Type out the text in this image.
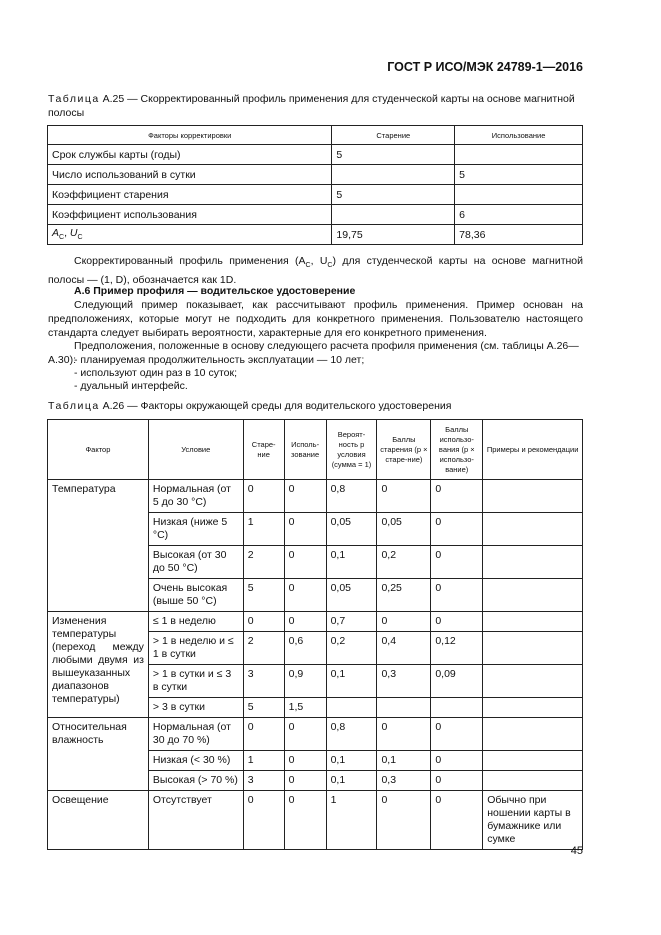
ГОСТ Р ИСО/МЭК 24789-1—2016
Таблица А.25 — Скорректированный профиль применения для студенческой карты на основе магнитной полосы
Факторы корректировки	Старение	Использование
Срок службы карты (годы)	5	
Число использований в сутки		5
Коэффициент старения	5	
Коэффициент использования		6
$A_C$, $U_C$	19,75	78,36
Скорректированный профиль применения ($A_C$, $U_C$) для студенческой карты на основе магнитной полосы — (1, D), обозначается как 1D.
А.6 Пример профиля — водительское удостоверение
Следующий пример показывает, как рассчитывают профиль применения. Пример основан на предположениях, которые могут не подходить для конкретного применения. Пользователю настоящего стандарта следует выбирать вероятности, характерные для его конкретного применения.
Предположения, положенные в основу следующего расчета профиля применения (см. таблицы А.26—А.30):
- планируемая продолжительность эксплуатации — 10 лет;
- используют один раз в 10 суток;
- дуальный интерфейс.
Таблица А.26 — Факторы окружающей среды для водительского удостоверения
Фактор	Условие	Старе-ние	Исполь-зование	Вероят-ность p условия (сумма = 1)	Баллы старения (p × старе-ние)	Баллы использо-вания (p × использо-вание)	Примеры и рекомендации
Температура	Нормальная (от 5 до 30 °C)	0	0	0,8	0	0	
	Низкая (ниже 5 °C)	1	0	0,05	0,05	0	
	Высокая (от 30 до 50 °C)	2	0	0,1	0,2	0	
	Очень высокая (выше 50 °C)	5	0	0,05	0,25	0	
Изменения температуры (переход между любыми двумя из вышеуказанных диапазонов температуры)	≤ 1 в неделю	0	0	0,7	0	0	
	> 1 в неделю и ≤ 1 в сутки	2	0,6	0,2	0,4	0,12	
	> 1 в сутки и ≤ 3 в сутки	3	0,9	0,1	0,3	0,09	
	> 3 в сутки	5	1,5				
Относительная влажность	Нормальная (от 30 до 70 %)	0	0	0,8	0	0	
	Низкая (< 30 %)	1	0	0,1	0,1	0	
	Высокая (> 70 %)	3	0	0,1	0,3	0	
Освещение	Отсутствует	0	0	1	0	0	Обычно при ношении карты в бумажнике или сумке
45
